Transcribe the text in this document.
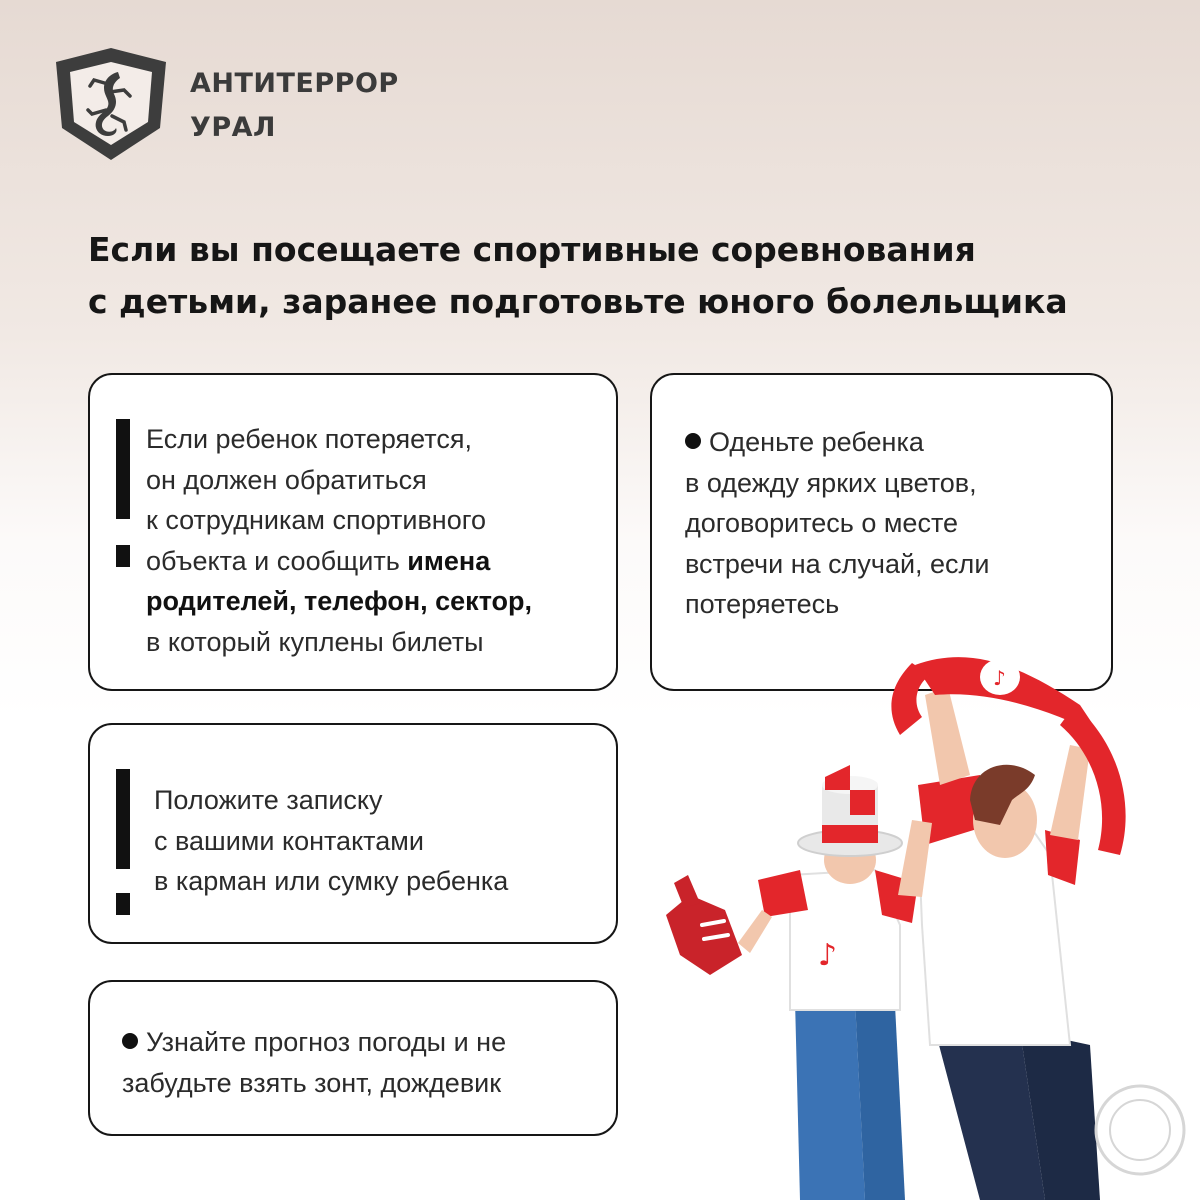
АНТИТЕРРОР
УРАЛ
Если вы посещаете спортивные соревнования
с детьми, заранее подготовьте юного болельщика
Если ребенок потеряется,
он должен обратиться
к сотрудникам спортивного
объекта и сообщить имена
родителей, телефон, сектор,
в который куплены билеты
Оденьте ребенка
в одежду ярких цветов,
договоритесь о месте
встречи на случай, если
потеряетесь
Положите записку
с вашими контактами
в карман или сумку ребенка
Узнайте прогноз погоды и не
забудьте взять зонт, дождевик
♪
♪
